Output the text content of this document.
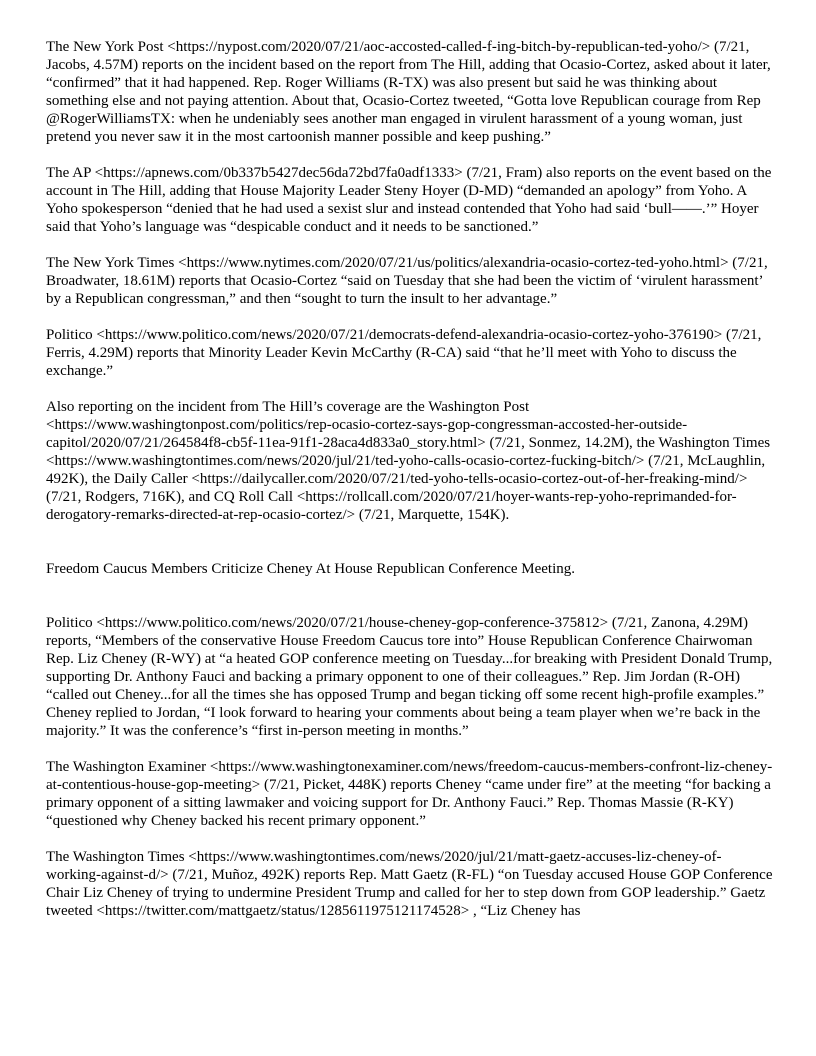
The New York Post <https://nypost.com/2020/07/21/aoc-accosted-called-f-ing-bitch-by-republican-ted-yoho/> (7/21, Jacobs, 4.57M) reports on the incident based on the report from The Hill, adding that Ocasio-Cortez, asked about it later, “confirmed” that it had happened. Rep. Roger Williams (R-TX) was also present but said he was thinking about something else and not paying attention. About that, Ocasio-Cortez tweeted, “Gotta love Republican courage from Rep @RogerWilliamsTX: when he undeniably sees another man engaged in virulent harassment of a young woman, just pretend you never saw it in the most cartoonish manner possible and keep pushing.”

The AP <https://apnews.com/0b337b5427dec56da72bd7fa0adf1333> (7/21, Fram) also reports on the event based on the account in The Hill, adding that House Majority Leader Steny Hoyer (D-MD) “demanded an apology” from Yoho. A Yoho spokesperson “denied that he had used a sexist slur and instead contended that Yoho had said ‘bull——.’” Hoyer said that Yoho’s language was “despicable conduct and it needs to be sanctioned.”

The New York Times <https://www.nytimes.com/2020/07/21/us/politics/alexandria-ocasio-cortez-ted-yoho.html> (7/21, Broadwater, 18.61M) reports that Ocasio-Cortez “said on Tuesday that she had been the victim of ‘virulent harassment’ by a Republican congressman,” and then “sought to turn the insult to her advantage.”

Politico <https://www.politico.com/news/2020/07/21/democrats-defend-alexandria-ocasio-cortez-yoho-376190> (7/21, Ferris, 4.29M) reports that Minority Leader Kevin McCarthy (R-CA) said “that he’ll meet with Yoho to discuss the exchange.”

Also reporting on the incident from The Hill’s coverage are the Washington Post <https://www.washingtonpost.com/politics/rep-ocasio-cortez-says-gop-congressman-accosted-her-outside-capitol/2020/07/21/264584f8-cb5f-11ea-91f1-28aca4d833a0_story.html> (7/21, Sonmez, 14.2M), the Washington Times <https://www.washingtontimes.com/news/2020/jul/21/ted-yoho-calls-ocasio-cortez-fucking-bitch/> (7/21, McLaughlin, 492K), the Daily Caller <https://dailycaller.com/2020/07/21/ted-yoho-tells-ocasio-cortez-out-of-her-freaking-mind/> (7/21, Rodgers, 716K), and CQ Roll Call <https://rollcall.com/2020/07/21/hoyer-wants-rep-yoho-reprimanded-for-derogatory-remarks-directed-at-rep-ocasio-cortez/> (7/21, Marquette, 154K).

Freedom Caucus Members Criticize Cheney At House Republican Conference Meeting.

Politico <https://www.politico.com/news/2020/07/21/house-cheney-gop-conference-375812> (7/21, Zanona, 4.29M) reports, “Members of the conservative House Freedom Caucus tore into” House Republican Conference Chairwoman Rep. Liz Cheney (R-WY) at “a heated GOP conference meeting on Tuesday...for breaking with President Donald Trump, supporting Dr. Anthony Fauci and backing a primary opponent to one of their colleagues.” Rep. Jim Jordan (R-OH) “called out Cheney...for all the times she has opposed Trump and began ticking off some recent high-profile examples.” Cheney replied to Jordan, “I look forward to hearing your comments about being a team player when we’re back in the majority.” It was the conference’s “first in-person meeting in months.”

The Washington Examiner <https://www.washingtonexaminer.com/news/freedom-caucus-members-confront-liz-cheney-at-contentious-house-gop-meeting> (7/21, Picket, 448K) reports Cheney “came under fire” at the meeting “for backing a primary opponent of a sitting lawmaker and voicing support for Dr. Anthony Fauci.” Rep. Thomas Massie (R-KY) “questioned why Cheney backed his recent primary opponent.”

The Washington Times <https://www.washingtontimes.com/news/2020/jul/21/matt-gaetz-accuses-liz-cheney-of-working-against-d/> (7/21, Muñoz, 492K) reports Rep. Matt Gaetz (R-FL) “on Tuesday accused House GOP Conference Chair Liz Cheney of trying to undermine President Trump and called for her to step down from GOP leadership.” Gaetz tweeted <https://twitter.com/mattgaetz/status/1285611975121174528> , “Liz Cheney has
